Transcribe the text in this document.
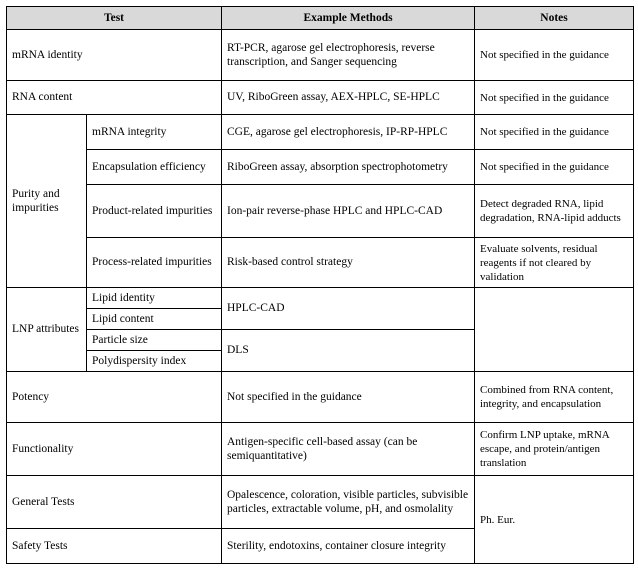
Test		Example Methods	Notes
mRNA identity		RT-PCR, agarose gel electrophoresis, reverse transcription, and Sanger sequencing	Not specified in the guidance
RNA content		UV, RiboGreen assay, AEX-HPLC, SE-HPLC	Not specified in the guidance
Purity and impurities	mRNA integrity	CGE, agarose gel electrophoresis, IP-RP-HPLC	Not specified in the guidance
	Encapsulation efficiency	RiboGreen assay, absorption spectrophotometry	Not specified in the guidance
	Product-related impurities	Ion-pair reverse-phase HPLC and HPLC-CAD	Detect degraded RNA, lipid degradation, RNA-lipid adducts
	Process-related impurities	Risk-based control strategy	Evaluate solvents, residual reagents if not cleared by validation
LNP attributes	Lipid identity	HPLC-CAD	
	Lipid content		
	Particle size	DLS	
	Polydispersity index		
Potency		Not specified in the guidance	Combined from RNA content, integrity, and encapsulation
Functionality		Antigen-specific cell-based assay (can be semiquantitative)	Confirm LNP uptake, mRNA escape, and protein/antigen translation
General Tests		Opalescence, coloration, visible particles, subvisible particles, extractable volume, pH, and osmolality	Ph. Eur.
Safety Tests		Sterility, endotoxins, container closure integrity	
